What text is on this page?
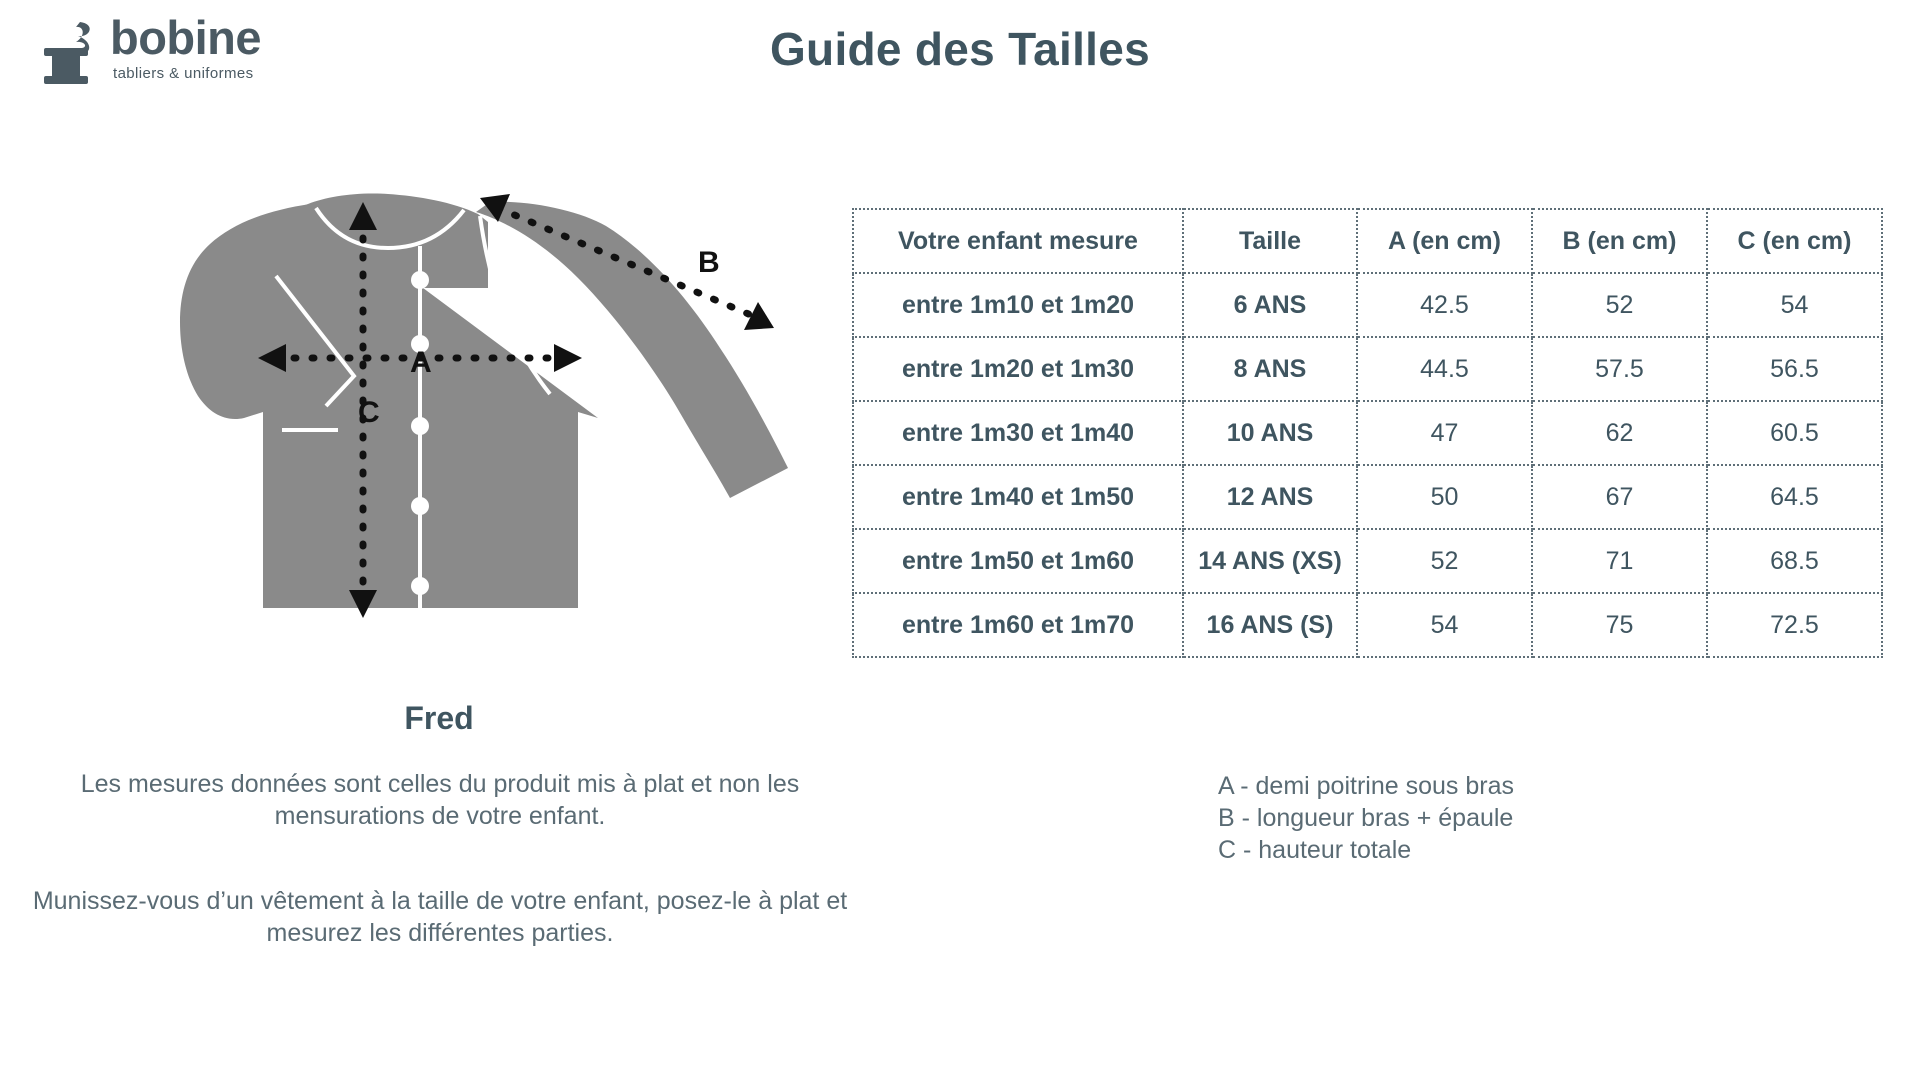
bobine
tabliers & uniformes	Guide des Tailles
A
B
C
Fred
Les mesures données sont celles du produit mis à plat et non les mensurations de votre enfant.
Munissez-vous d’un vêtement à la taille de votre enfant, posez-le à plat et mesurez les différentes parties.
Votre enfant mesure	Taille	A (en cm)	B (en cm)	C (en cm)
entre 1m10 et 1m20	6 ANS	42.5	52	54
entre 1m20 et 1m30	8 ANS	44.5	57.5	56.5
entre 1m30 et 1m40	10 ANS	47	62	60.5
entre 1m40 et 1m50	12 ANS	50	67	64.5
entre 1m50 et 1m60	14 ANS (XS)	52	71	68.5
entre 1m60 et 1m70	16 ANS (S)	54	75	72.5
A - demi poitrine sous bras
B - longueur bras + épaule
C - hauteur totale
